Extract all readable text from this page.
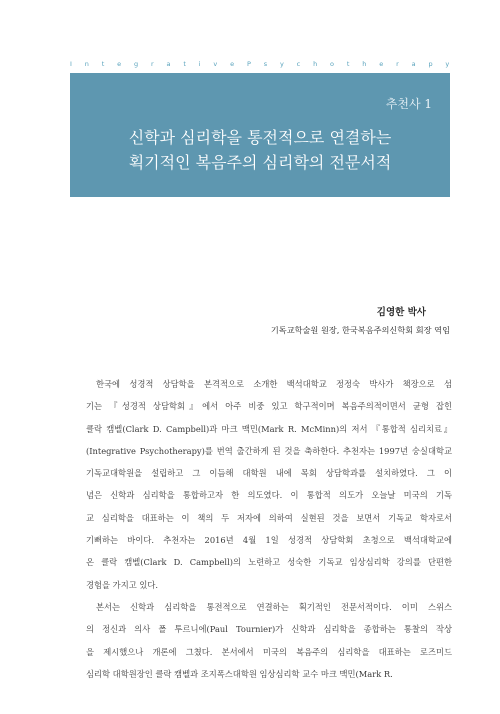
I n t e g r a t i v e P s y c h o t h e r a p y
추천사 1
신학과 심리학을 통전적으로 연결하는
획기적인 복음주의 심리학의 전문서적
김영한 박사
기독교학술원 원장, 한국복음주의신학회 회장 역임
한국에 성경적 상담학을 본격적으로 소개한 백석대학교 정정숙 박사가 책장으로 섬
기는 『성경적 상담학회』에서 아주 비중 있고 학구적이며 복음주의적이면서 균형 잡힌
클락 캠벨(Clark D. Campbell)과 마크 맥민(Mark R. McMinn)의 저서 『통합적 심리치료』
(Integrative Psychotherapy)를 번역 출간하게 된 것을 축하한다. 추천자는 1997년 숭실대학교
기독교대학원을 설립하고 그 이듬해 대학원 내에 목회 상담학과를 설치하였다. 그 이
념은 신학과 심리학을 통합하고자 한 의도였다. 이 통합적 의도가 오늘날 미국의 기독
교 심리학을 대표하는 이 책의 두 저자에 의하여 실현된 것을 보면서 기독교 학자로서
기뻐하는 바이다. 추천자는 2016년 4월 1일 성경적 상담학회 초청으로 백석대학교에
온 클락 캠벨(Clark D. Campbell)의 노련하고 성숙한 기독교 임상심리학 강의를 단편한
경험을 가지고 있다.
본서는 신학과 심리학을 통전적으로 연결하는 획기적인 전문서적이다. 이미 스위스
의 정신과 의사 폴 투르니에(Paul Tournier)가 신학과 심리학을 종합하는 통찰의 작상
을 제시했으나 개론에 그쳤다. 본서에서 미국의 복음주의 심리학을 대표하는 로즈미드
심리학 대학원장인 클락 캠벨과 조지폭스대학원 임상심리학 교수 마크 맥민(Mark R.
